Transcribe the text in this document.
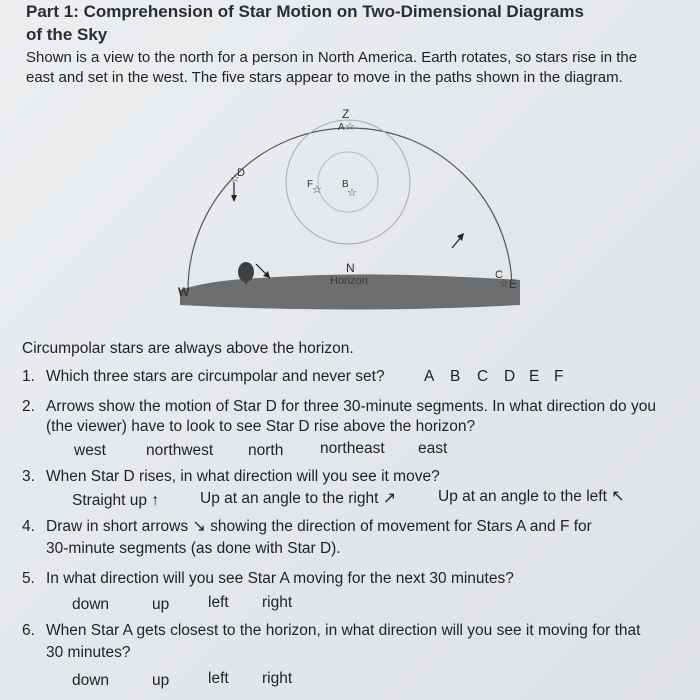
Part 1: Comprehension of Star Motion on Two-Dimensional Diagrams
of the Sky
Shown is a view to the north for a person in North America. Earth rotates, so stars rise in the
east and set in the west. The five stars appear to move in the paths shown in the diagram.
☆
D
Z
A ☆
F
☆ B
☆
N
Horizon
W
C
☆ E
Circumpolar stars are always above the horizon.
1. Which three stars are circumpolar and never set?	A B C D E F
2. Arrows show the motion of Star D for three 30-minute segments. In what direction do you
(the viewer) have to look to see Star D rise above the horizon?
west	northwest north northeast east
3. When Star D rises, in what direction will you see it move?
Straight up ↑	Up at an angle to the right ↗	Up at an angle to the left ↖
4. Draw in short arrows ↘ showing the direction of movement for Stars A and F for
30-minute segments (as done with Star D).
5. In what direction will you see Star A moving for the next 30 minutes?
down	up	left right
6. When Star A gets closest to the horizon, in what direction will you see it moving for that
30 minutes?
down	up	left right
